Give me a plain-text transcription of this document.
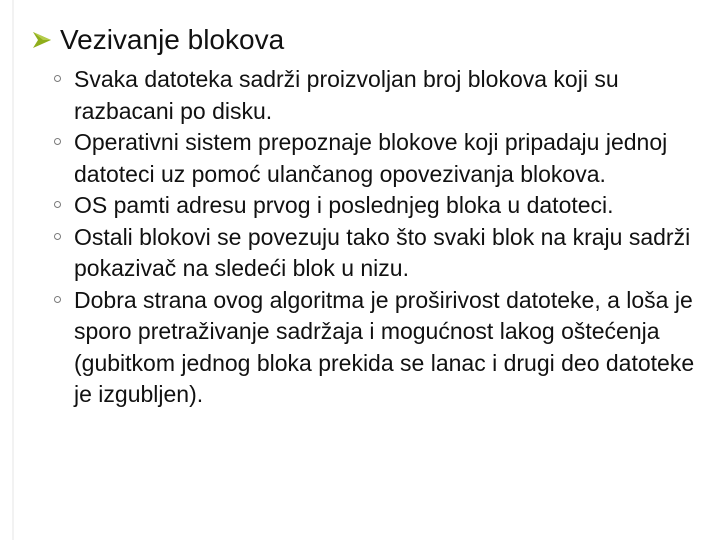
Vezivanje blokova
Svaka datoteka sadrži proizvoljan broj blokova koji su razbacani po disku.
Operativni sistem prepoznaje blokove koji pripadaju jednoj datoteci uz pomoć ulančanog opovezivanja blokova.
OS pamti adresu prvog i poslednjeg bloka u datoteci.
Ostali blokovi se povezuju tako što svaki blok na kraju sadrži pokazivač na sledeći blok u nizu.
Dobra strana ovog algoritma je proširivost datoteke, a loša je sporo pretraživanje sadržaja i mogućnost lakog oštećenja (gubitkom jednog bloka prekida se lanac i drugi deo datoteke je izgubljen).
